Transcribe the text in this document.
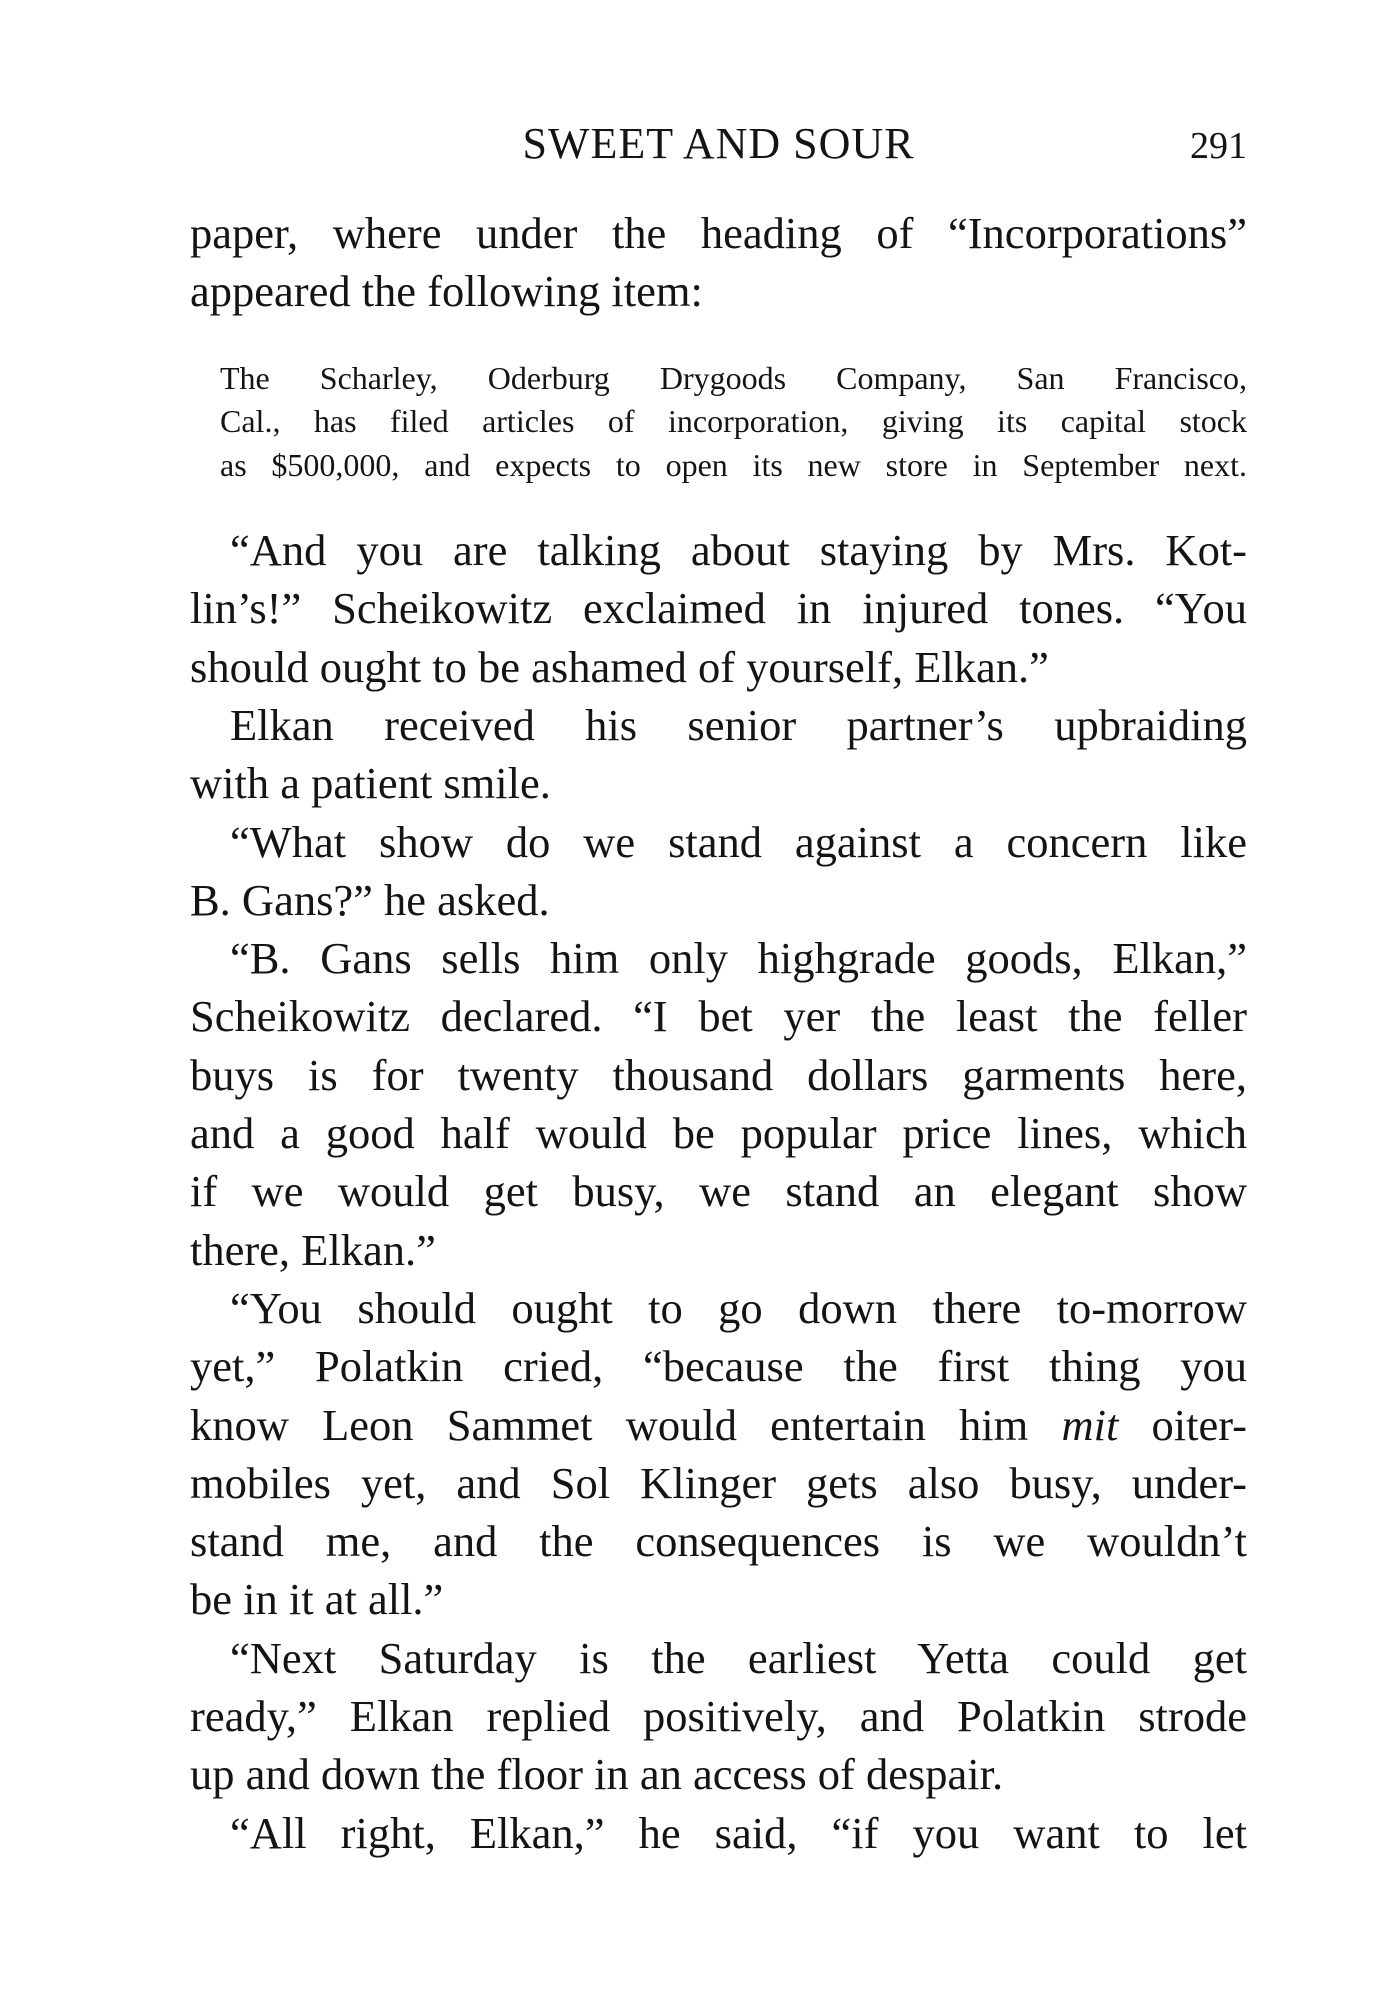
SWEET AND SOUR	291
paper, where under the heading of “Incorporations”
appeared the following item:
The Scharley, Oderburg Drygoods Company, San Francisco,
Cal., has filed articles of incorporation, giving its capital stock
as $500,000, and expects to open its new store in September next.
“And you are talking about staying by Mrs. Kot-
lin’s!” Scheikowitz exclaimed in injured tones. “You
should ought to be ashamed of yourself, Elkan.”
Elkan received his senior partner’s upbraiding
with a patient smile.
“What show do we stand against a concern like
B. Gans?” he asked.
“B. Gans sells him only highgrade goods, Elkan,”
Scheikowitz declared. “I bet yer the least the feller
buys is for twenty thousand dollars garments here,
and a good half would be popular price lines, which
if we would get busy, we stand an elegant show
there, Elkan.”
“You should ought to go down there to-morrow
yet,” Polatkin cried, “because the first thing you
know Leon Sammet would entertain him mit oiter-
mobiles yet, and Sol Klinger gets also busy, under-
stand me, and the consequences is we wouldn’t
be in it at all.”
“Next Saturday is the earliest Yetta could get
ready,” Elkan replied positively, and Polatkin strode
up and down the floor in an access of despair.
“All right, Elkan,” he said, “if you want to let
